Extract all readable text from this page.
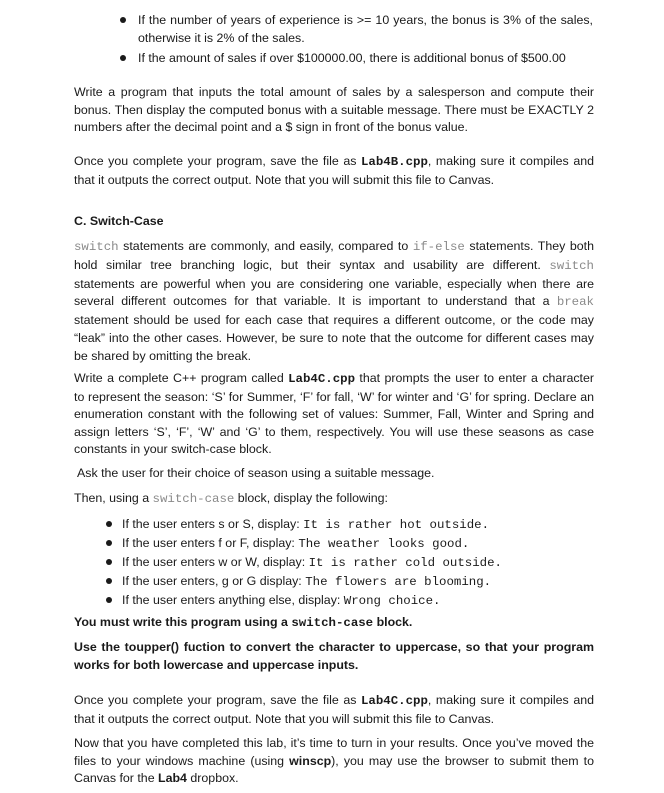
If the number of years of experience is >= 10 years, the bonus is 3% of the sales, otherwise it is 2% of the sales.

If the amount of sales if over $100000.00, there is additional bonus of $500.00

Write a program that inputs the total amount of sales by a salesperson and compute their bonus. Then display the computed bonus with a suitable message. There must be EXACTLY 2 numbers after the decimal point and a $ sign in front of the bonus value.

Once you complete your program, save the file as Lab4B.cpp, making sure it compiles and that it outputs the correct output. Note that you will submit this file to Canvas.

C. Switch-Case

switch statements are commonly, and easily, compared to if-else statements. They both hold similar tree branching logic, but their syntax and usability are different. switch statements are powerful when you are considering one variable, especially when there are several different outcomes for that variable. It is important to understand that a break statement should be used for each case that requires a different outcome, or the code may “leak” into the other cases. However, be sure to note that the outcome for different cases may be shared by omitting the break.

Write a complete C++ program called Lab4C.cpp that prompts the user to enter a character to represent the season: ‘S’ for Summer, ‘F’ for fall, ‘W’ for winter and ‘G’ for spring. Declare an enumeration constant with the following set of values: Summer, Fall, Winter and Spring and assign letters ‘S’, ‘F’, ‘W’ and ‘G’ to them, respectively. You will use these seasons as case constants in your switch-case block.

Ask the user for their choice of season using a suitable message.

Then, using a switch-case block, display the following:

If the user enters s or S, display: It is rather hot outside.

If the user enters f or F, display: The weather looks good.

If the user enters w or W, display: It is rather cold outside.

If the user enters, g or G display: The flowers are blooming.

If the user enters anything else, display: Wrong choice.

You must write this program using a switch-case block.

Use the toupper() fuction to convert the character to uppercase, so that your program works for both lowercase and uppercase inputs.

Once you complete your program, save the file as Lab4C.cpp, making sure it compiles and that it outputs the correct output. Note that you will submit this file to Canvas.

Now that you have completed this lab, it’s time to turn in your results. Once you’ve moved the files to your windows machine (using winscp), you may use the browser to submit them to Canvas for the Lab4 dropbox.
